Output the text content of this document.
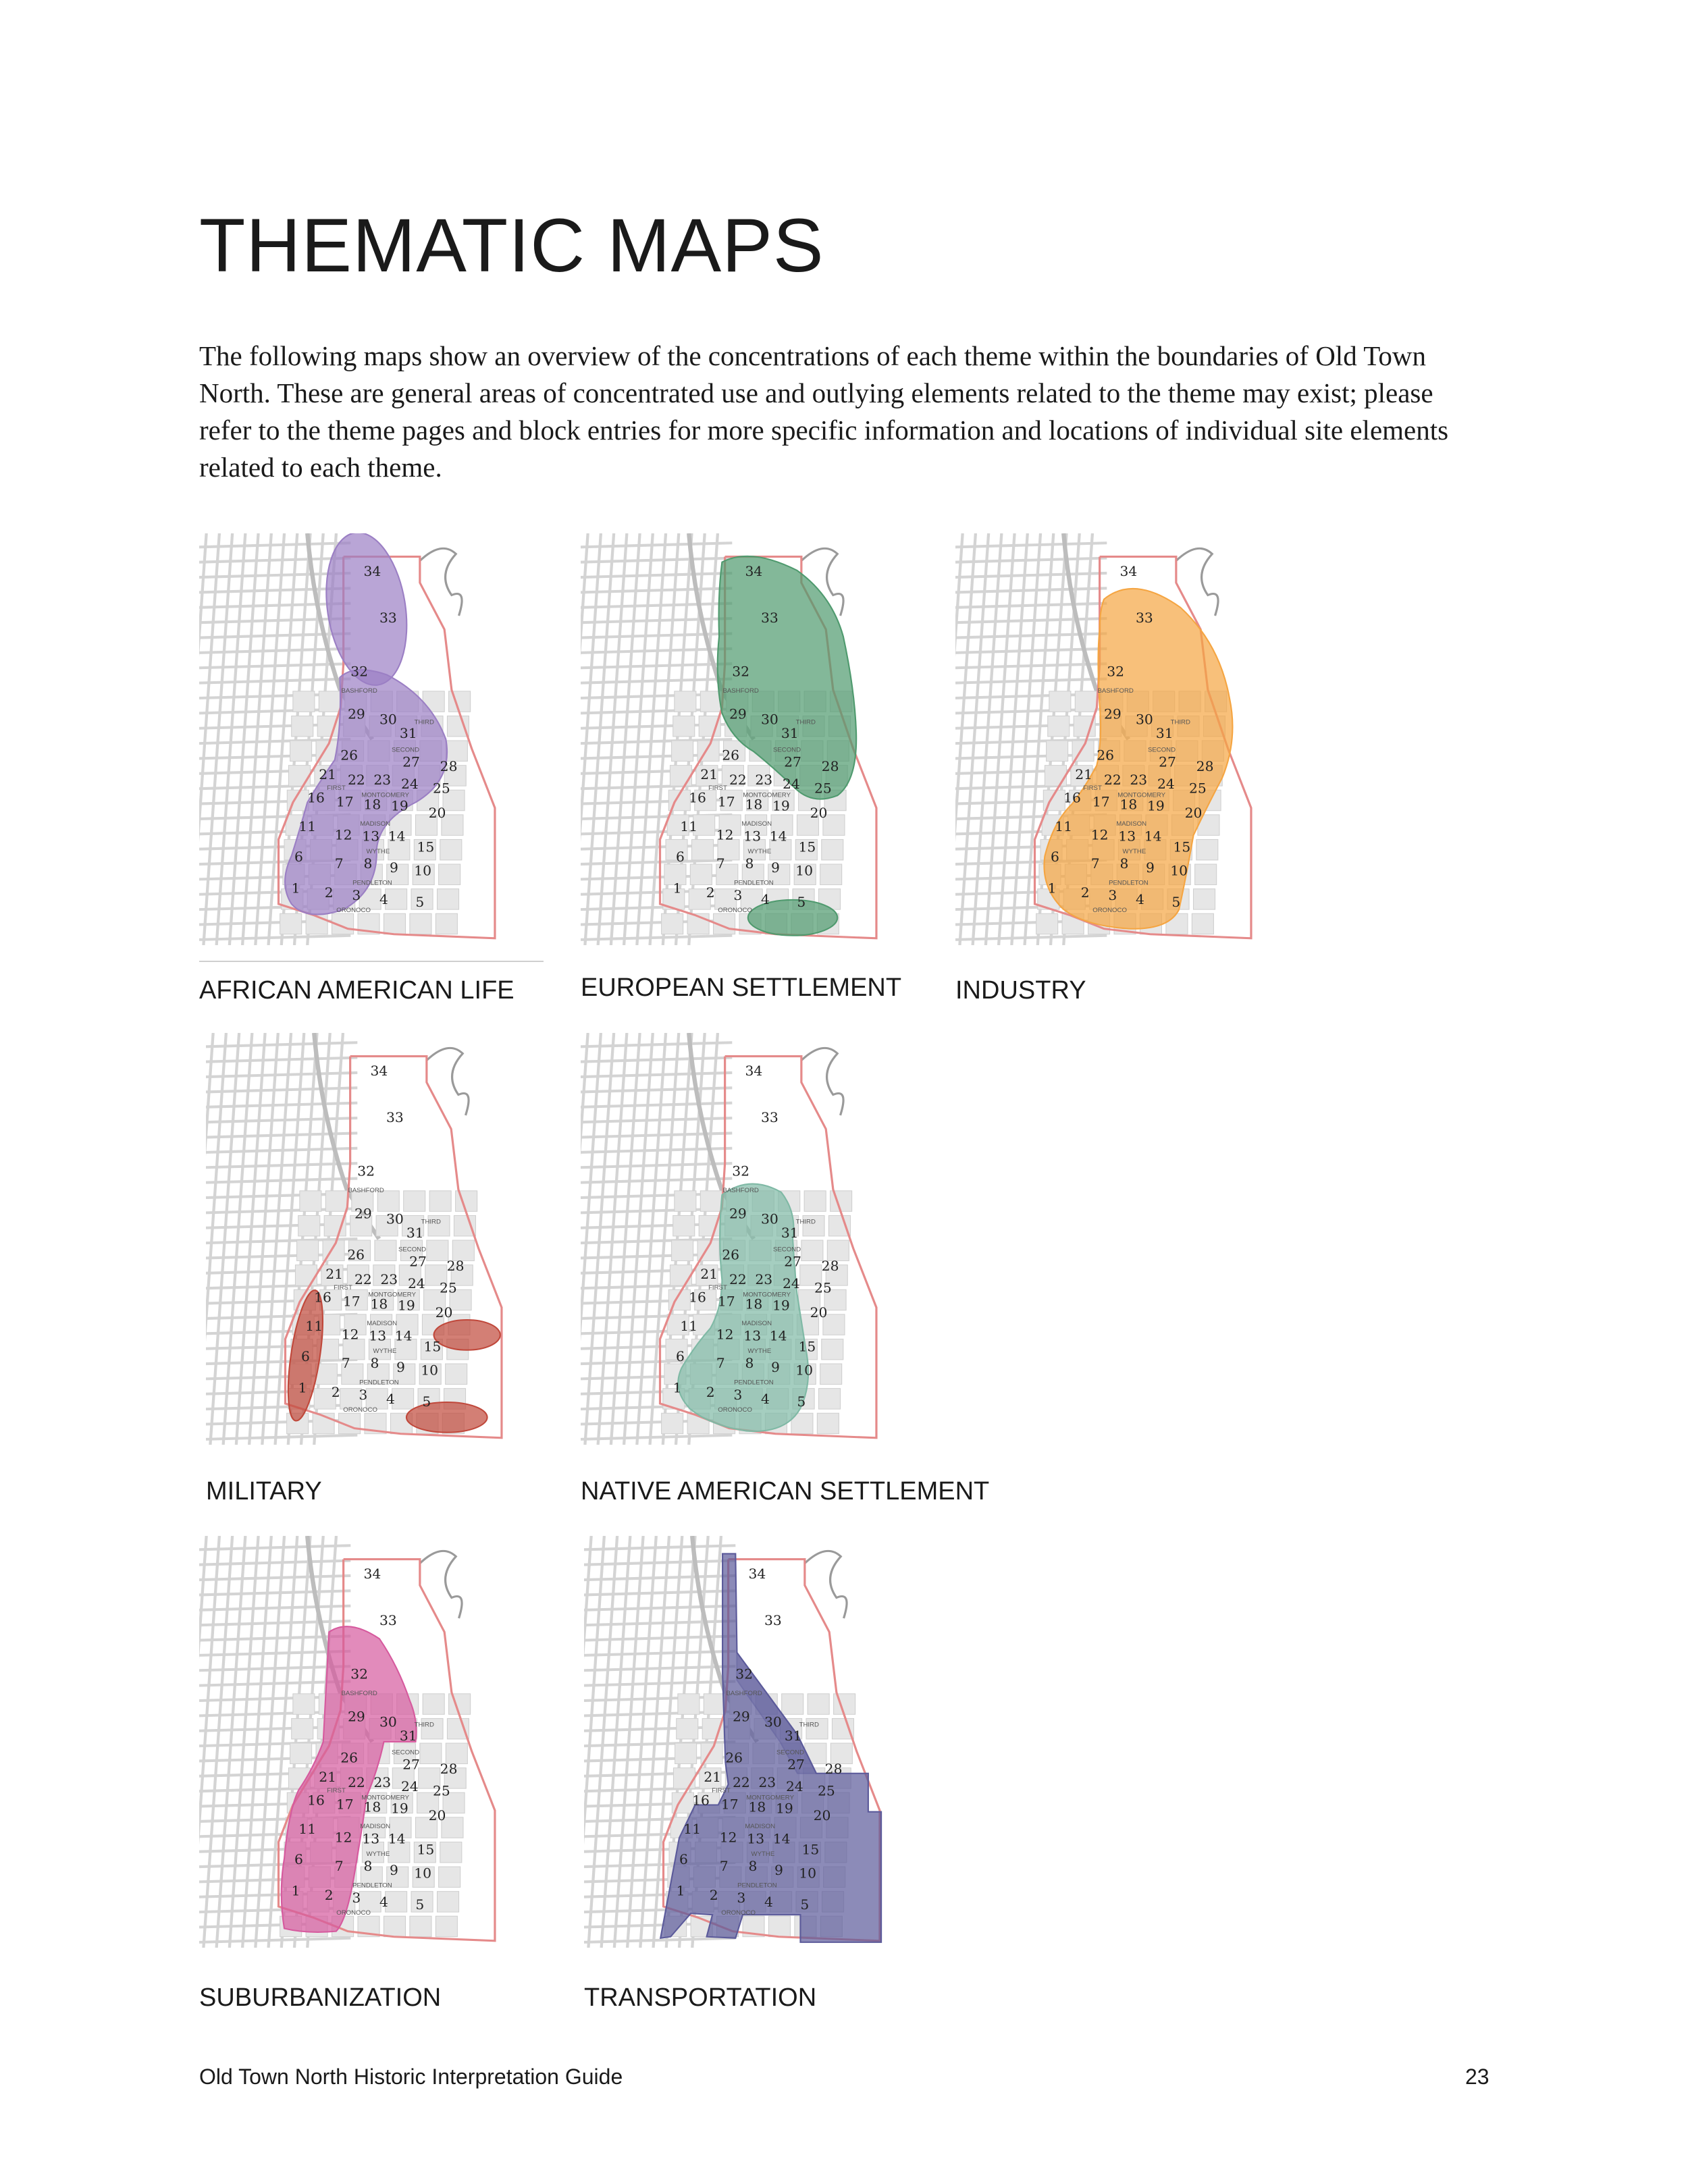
THEMATIC MAPS

The following maps show an overview of the concentrations of each theme within the boundaries of Old Town North. These are general areas of concentrated use and outlying elements related to the theme may exist; please refer to the theme pages and block entries for more specific information and locations of individual site elements related to each theme.

BASHFORD
THIRD
SECOND
FIRST
MONTGOMERY
MADISON
WYTHE
PENDLETON
ORONOCO
34
33
32
29 30
31
26	27 28
21 22 23 24 25
16 17 18 19 20
11
12 13 14
15
6 7 8 9 10
1 2 3 4 5
BASHFORD
THIRD
SECOND
FIRST
MONTGOMERY
MADISON
WYTHE
PENDLETON
ORONOCO
34
33
32
29 30
31
26	27 28
21 22 23 24 25
16 17 18 19 20
11
12 13 14
15
6 7 8 9 10
1 2 3 4 5
BASHFORD
THIRD
SECOND
FIRST
MONTGOMERY
MADISON
WYTHE
PENDLETON
ORONOCO
34
33
32
29 30
31
26	27 28
21 22 23 24 25
16 17 18 19 20
11
12 13 14
15
6 7 8 9 10
1 2 3 4 5
BASHFORD
THIRD
SECOND
FIRST
MONTGOMERY
MADISON
WYTHE
PENDLETON
ORONOCO
34
33
32
29 30
31
26	27 28
21 22 23 24 25
16 17 18 19 20
11
12 13 14
15
6 7 8 9 10
1 2 3 4 5
BASHFORD
THIRD
SECOND
FIRST
MONTGOMERY
MADISON
WYTHE
PENDLETON
ORONOCO
34
33
32
29 30
31
26	27 28
21 22 23 24 25
16 17 18 19 20
11
12 13 14
15
6 7 8 9 10
1 2 3 4 5
BASHFORD
THIRD
SECOND
FIRST
MONTGOMERY
MADISON
WYTHE
PENDLETON
ORONOCO
34
33
32
29 30
31
26	27 28
21 22 23 24 25
16 17 18 19 20
11
12 13 14
15
6 7 8 9 10
1 2 3 4 5
BASHFORD
THIRD
SECOND
FIRST
MONTGOMERY
MADISON
WYTHE
PENDLETON
ORONOCO
34
33
32
29 30
31
26	27 28
21 22 23 24 25
16 17 18 19 20
11
12 13 14
15
6 7 8 9 10
1 2 3 4 5
AFRICAN AMERICAN LIFE	EUROPEAN SETTLEMENT INDUSTRY
MILITARY	NATIVE AMERICAN SETTLEMENT
SUBURBANIZATION	TRANSPORTATION
Old Town North Historic Interpretation Guide	23
